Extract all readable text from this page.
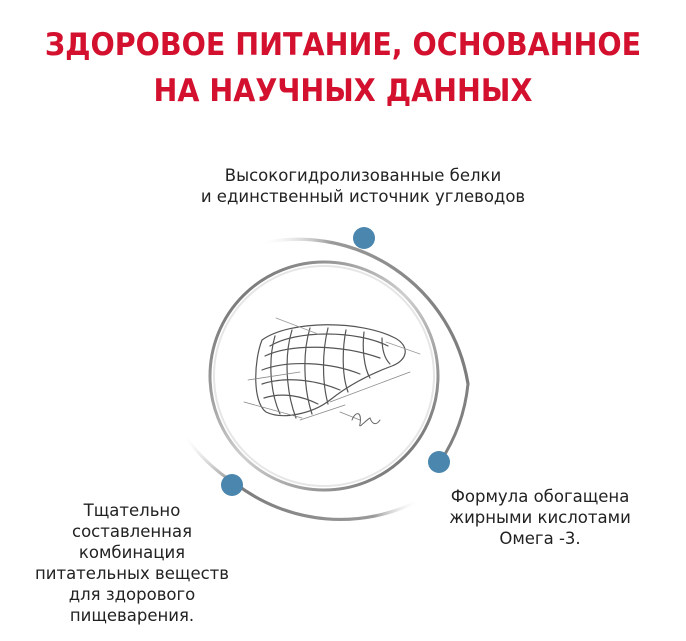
ЗДОРОВОЕ ПИТАНИЕ, ОСНОВАННОЕ
НА НАУЧНЫХ ДАННЫХ
Высокогидролизованные белки
и единственный источник углеводов
Формула обогащена
жирными кислотами
Омега -3.
Тщательно
составленная
комбинация
питательных веществ
для здорового
пищеварения.
